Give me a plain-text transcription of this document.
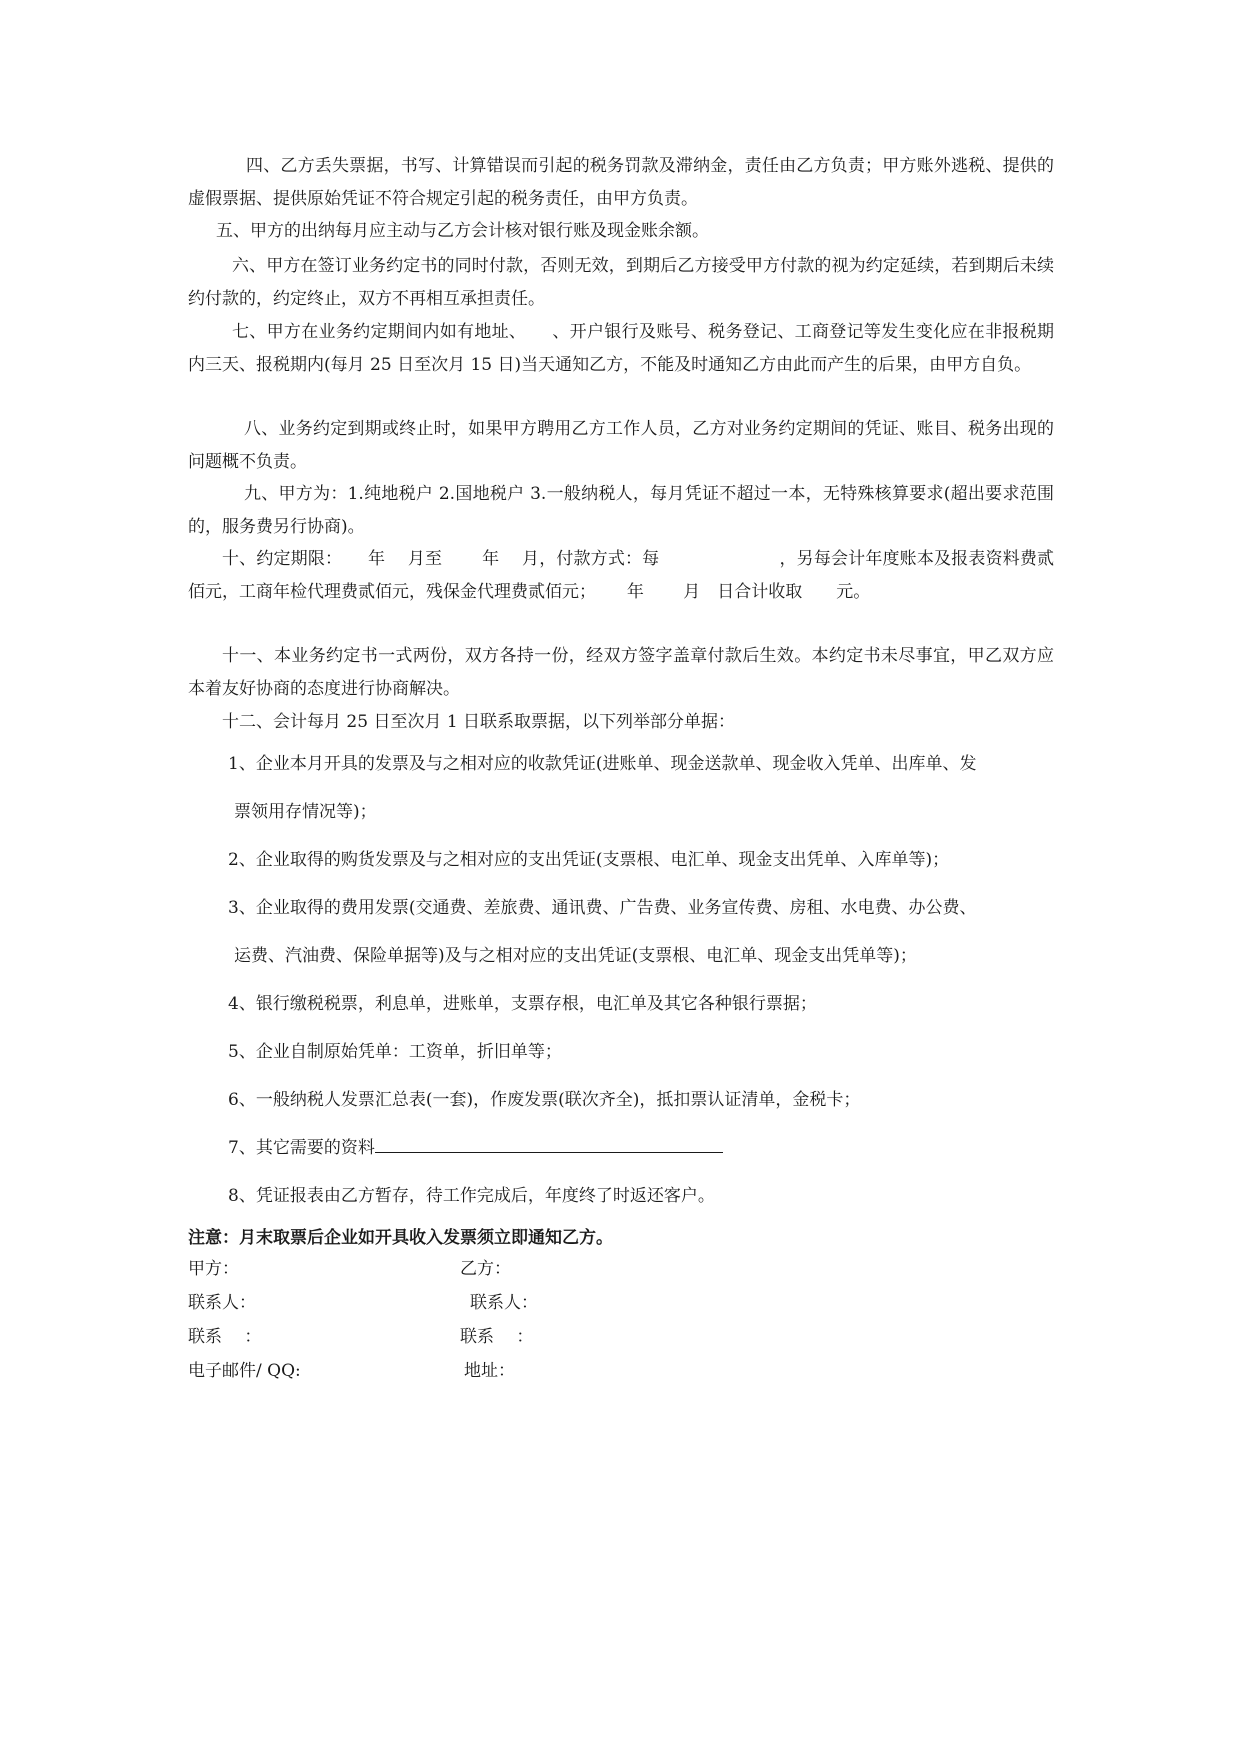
四、乙方丢失票据，书写、计算错误而引起的税务罚款及滞纳金，责任由乙方负责；甲方账外逃税、提供的虚假票据、提供原始凭证不符合规定引起的税务责任，由甲方负责。

五、甲方的出纳每月应主动与乙方会计核对银行账及现金账余额。

六、甲方在签订业务约定书的同时付款，否则无效，到期后乙方接受甲方付款的视为约定延续，若到期后未续约付款的，约定终止，双方不再相互承担责任。

七、甲方在业务约定期间内如有地址、　　、开户银行及账号、税务登记、工商登记等发生变化应在非报税期内三天、报税期内(每月 25 日至次月 15 日)当天通知乙方，不能及时通知乙方由此而产生的后果，由甲方自负。

八、业务约定到期或终止时，如果甲方聘用乙方工作人员，乙方对业务约定期间的凭证、账目、税务出现的问题概不负责。

九、甲方为：1.纯地税户 2.国地税户 3.一般纳税人，每月凭证不超过一本，无特殊核算要求(超出要求范围的，服务费另行协商)。

十、约定期限：　　年　 月至　　 年　 月，付款方式：每　　　　　　　，另每会计年度账本及报表资料费贰佰元，工商年检代理费贰佰元，残保金代理费贰佰元；　　 年　　 月　日合计收取　　元。

十一、本业务约定书一式两份，双方各持一份，经双方签字盖章付款后生效。本约定书未尽事宜，甲乙双方应本着友好协商的态度进行协商解决。

十二、会计每月 25 日至次月 1 日联系取票据，以下列举部分单据：

1、企业本月开具的发票及与之相对应的收款凭证(进账单、现金送款单、现金收入凭单、出库单、发
票领用存情况等)；

2、企业取得的购货发票及与之相对应的支出凭证(支票根、电汇单、现金支出凭单、入库单等)；

3、企业取得的费用发票(交通费、差旅费、通讯费、广告费、业务宣传费、房租、水电费、办公费、
运费、汽油费、保险单据等)及与之相对应的支出凭证(支票根、电汇单、现金支出凭单等)；

4、银行缴税税票，利息单，进账单，支票存根，电汇单及其它各种银行票据；

5、企业自制原始凭单：工资单，折旧单等；

6、一般纳税人发票汇总表(一套)，作废发票(联次齐全)，抵扣票认证清单，金税卡；

7、其它需要的资料

8、凭证报表由乙方暂存，待工作完成后，年度终了时返还客户。

注意：月末取票后企业如开具收入发票须立即通知乙方。

甲方：	乙方：

联系人：	联系人：

联系　 ：	联系　 ：

电子邮件/ QQ:	地址：
